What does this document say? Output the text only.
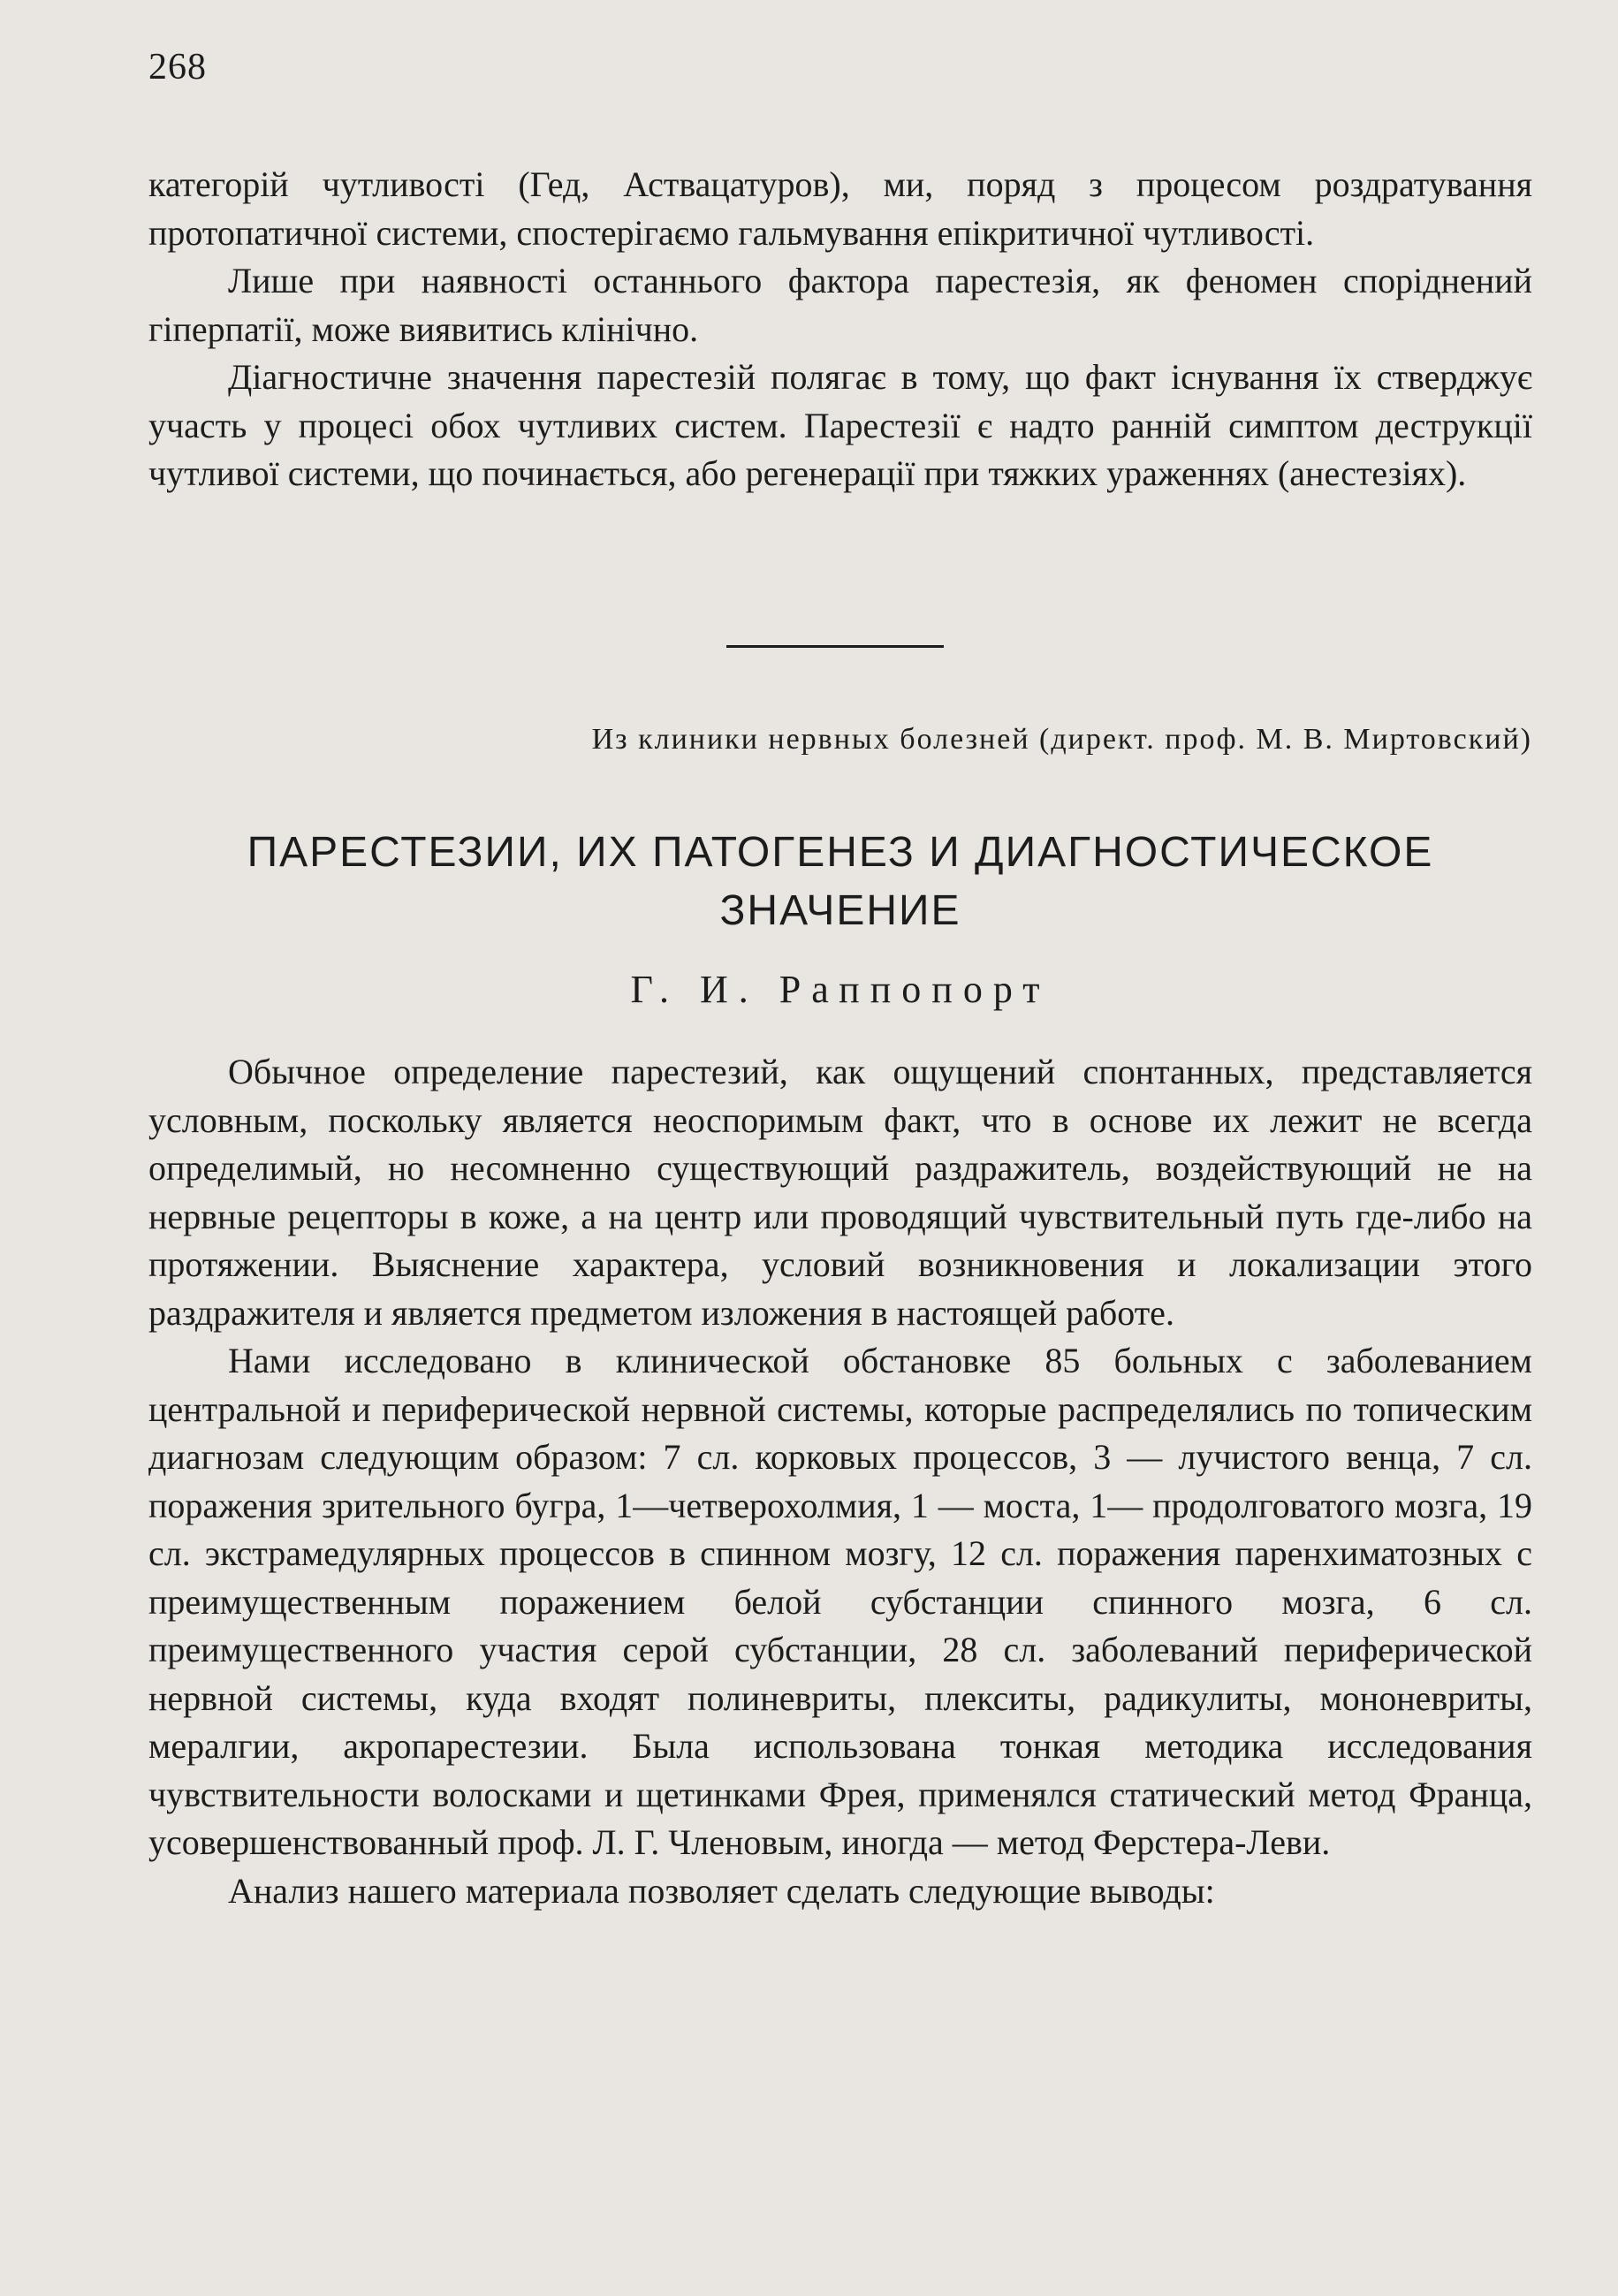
268

категорій чутливості (Гед, Аствацатуров), ми, поряд з процесом роздратування протопатичної системи, спостерігаємо гальмування епікритичної чутливості.

Лише при наявності останнього фактора парестезія, як феномен споріднений гіперпатії, може виявитись клінічно.

Діагностичне значення парестезій полягає в тому, що факт існування їх стверджує участь у процесі обох чутливих систем. Парестезії є надто ранній симптом деструкції чутливої системи, що починається, або регенерації при тяжких ураженнях (анестезіях).

Из клиники нервных болезней (директ. проф. М. В. Миртовский)
ПАРЕСТЕЗИИ, ИХ ПАТОГЕНЕЗ И ДИАГНОСТИЧЕСКОЕ
ЗНАЧЕНИЕ
Г. И. Раппопорт

Обычное определение парестезий, как ощущений спонтанных, представляется условным, поскольку является неоспоримым факт, что в основе их лежит не всегда определимый, но несомненно существующий раздражитель, воздействующий не на нервные рецепторы в коже, а на центр или проводящий чувствительный путь где-либо на протяжении. Выяснение характера, условий возникновения и локализации этого раздражителя и является предметом изложения в настоящей работе.

Нами исследовано в клинической обстановке 85 больных с заболеванием центральной и периферической нервной системы, которые распределялись по топическим диагнозам следующим образом: 7 сл. корковых процессов, 3 — лучистого венца, 7 сл. поражения зрительного бугра, 1—четверохолмия, 1 — моста, 1— продолговатого мозга, 19 сл. экстрамедулярных процессов в спинном мозгу, 12 сл. поражения паренхиматозных с преимущественным поражением белой субстанции спинного мозга, 6 сл. преимущественного участия серой субстанции, 28 сл. заболеваний периферической нервной системы, куда входят полиневриты, плекситы, радикулиты, мононевриты, мералгии, акропарестезии. Была использована тонкая методика исследования чувствительности волосками и щетинками Фрея, применялся статический метод Франца, усовершенствованный проф. Л. Г. Членовым, иногда — метод Ферстера-Леви.

Анализ нашего материала позволяет сделать следующие выводы:
